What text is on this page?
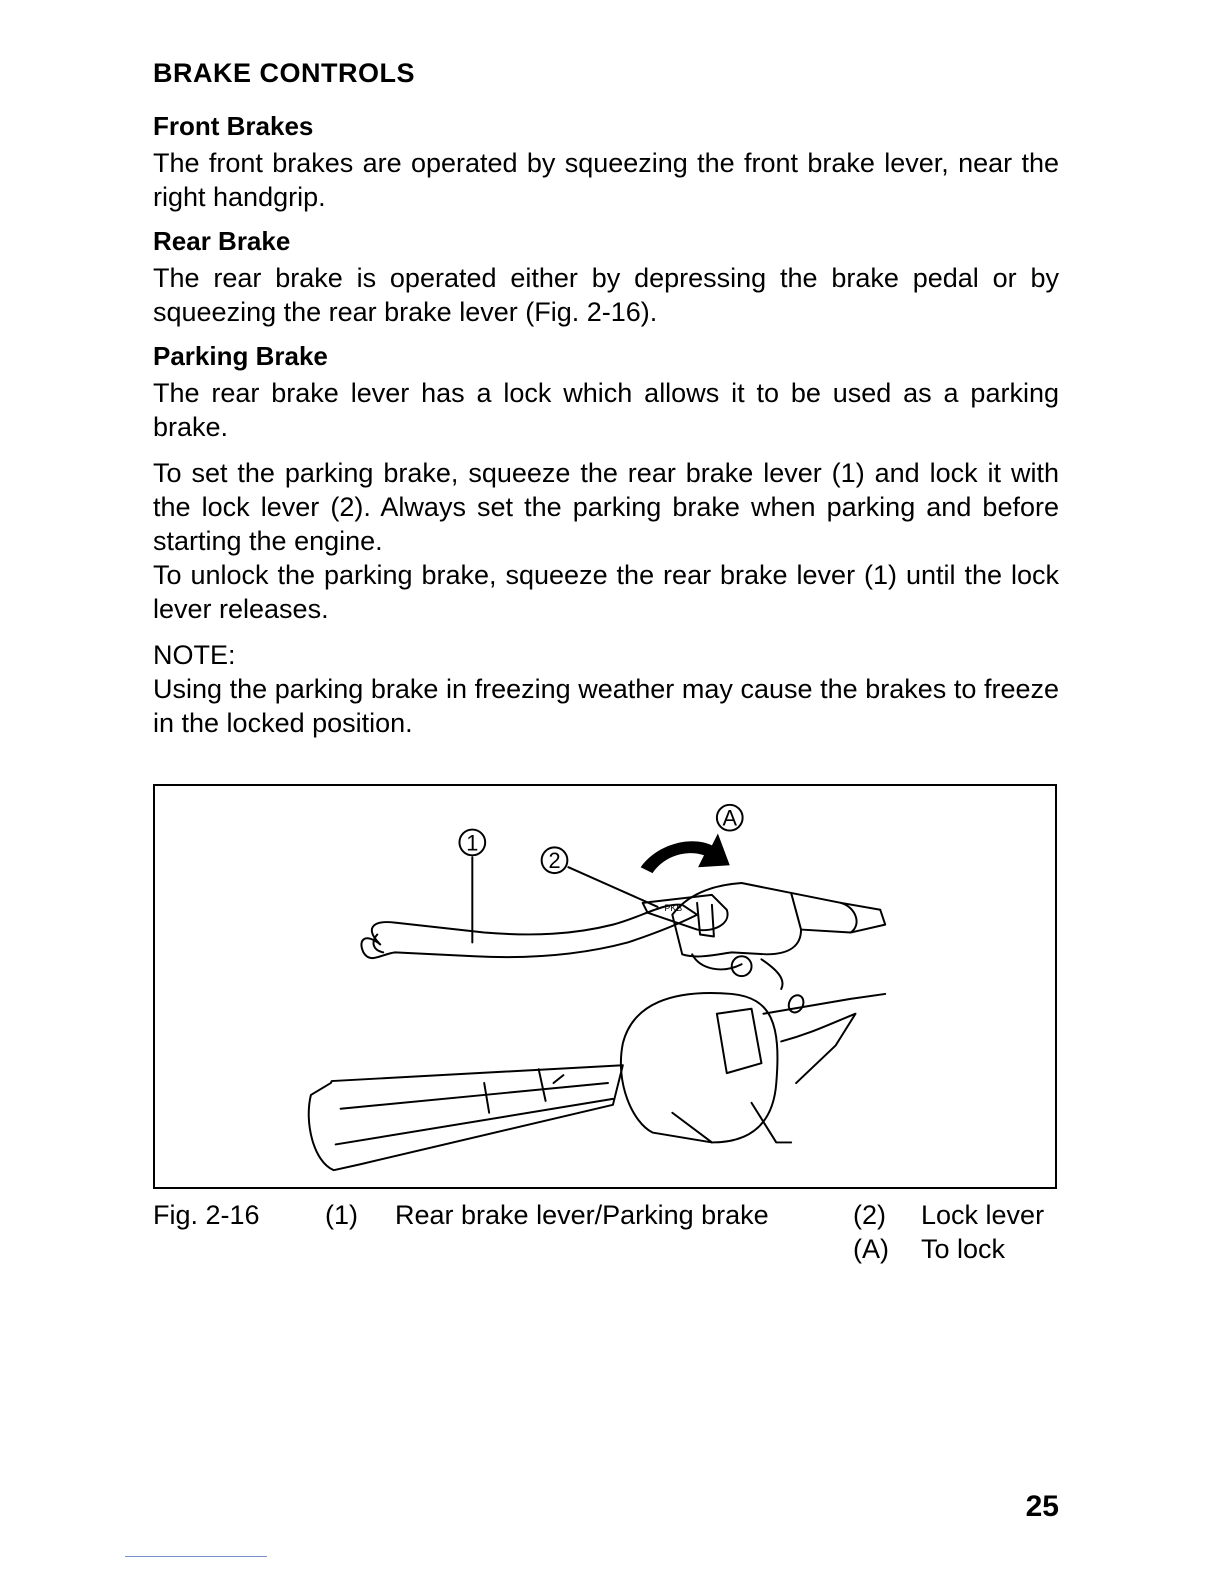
BRAKE CONTROLS
Front Brakes

The front brakes are operated by squeezing the front brake lever, near the right handgrip.

Rear Brake

The rear brake is operated either by depressing the brake pedal or by squeezing the rear brake lever (Fig. 2-16).

Parking Brake

The rear brake lever has a lock which allows it to be used as a parking brake.

To set the parking brake, squeeze the rear brake lever (1) and lock it with the lock lever (2). Always set the parking brake when parking and before starting the engine.

To unlock the parking brake, squeeze the rear brake lever (1) until the lock lever releases.

NOTE:

Using the parking brake in freezing weather may cause the brakes to freeze in the locked position.

1
2
A
PKB
Fig. 2-16 (1) Rear brake lever/Parking brake	(2) Lock lever
(A) To lock
25
